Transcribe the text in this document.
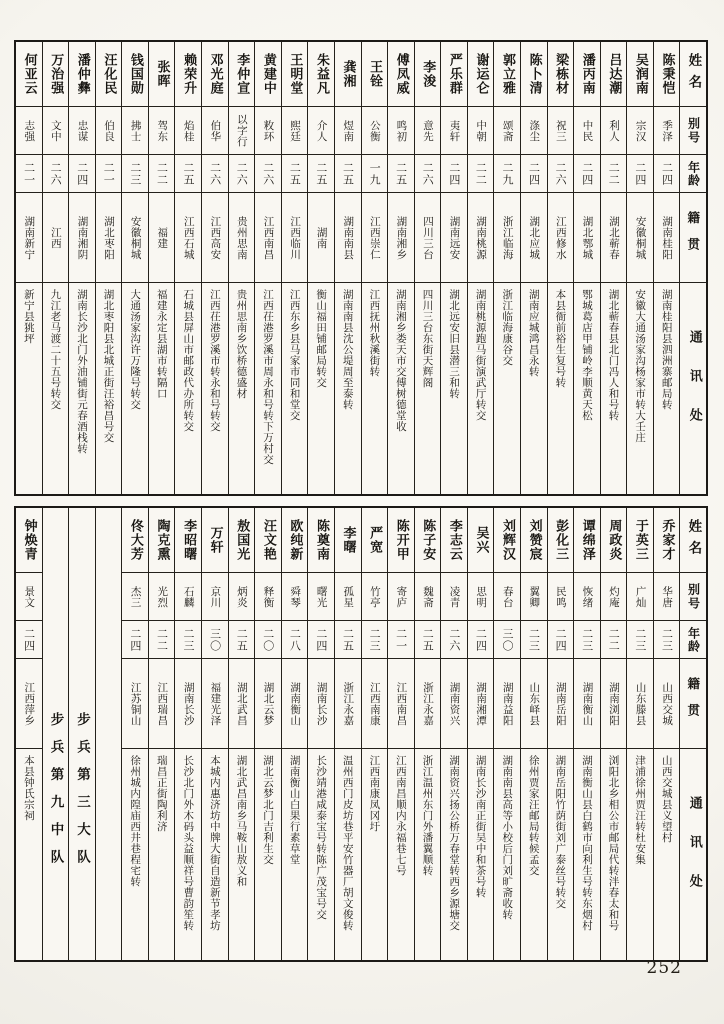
何亚云
志强
二一
湖南新宁
新宁县狣坪
万治强
文中
二六
江西
九江老马渡二十五号转交
潘仲彝
忠谋
二四
湖南湘阴
湖南长沙北门外油铺街元春酒栈转
汪化民
伯良
二一
湖北枣阳
湖北枣阳县北城正街汪裕昌号交
钱国勋
拂士
二三
安徽桐城
大通汤家沟许万隆号转交
张晖
驾东
二二
福建
福建永定县湖市转隔口
赖荣升
焰桂
二五
江西石城
石城县屏山市邮政代办所转交
邓光庭
伯华
二六
江西高安
江西茌港罗溪市转永和号转交
李仲宣
以字行
二六
贵州思南
贵州思南乡饮桥德盛材
黄建中
敉环
二六
江西南昌
江西茌港罗溪市周永和号转下万村交
王明堂
熙廷
二五
江西临川
江西东乡县马家市同和堂交
朱益凡
介人
二五
湖南
衡山福田铺邮局转交
龚湘
煜南
二五
湖南南县
湖南南县沈公堤周至泰转
王铨
公衡
一九
江西崇仁
江西抚州秋溪街转
傅凤威
鸣初
二五
湖南湘乡
湖南湘乡娄天市交傅树德堂收
李浚
意先
二六
四川三台
四川三台东街天辉阁
严乐群
夷轩
二四
湖南远安
湖北远安旧县潜三和转
谢运仑
中朝
二二
湖南桃源
湖南桃源跑马街演武厅转交
郭立雅
颂斋
二九
浙江临海
浙江临海康谷交
陈卜清
涤尘
二四
湖北应城
湖南应城鸿昌永转
梁栋材
祝三
二六
江西修水
本县衙前裕生复号转
潘丙南
中民
二四
湖北鄂城
鄂城葛店甲铺岭李顺黄天松
吕达潮
利人
二二
湖北蕲春
湖北蕲春县北门冯人和号转
吴润南
宗汉
二四
安徽桐城
安徽大通汤家沟杨家市转大壬庄
陈秉恺
季泽
二四
湖南桂阳
湖南桂阳县泗洲寨邮局转
姓名
别号
年龄
籍贯
通讯处
钟焕青
景文
二四
江西萍乡
本县钟氏宗祠 步兵第九中队 步兵第三大队
佟大芳
杰三
二四
江苏铜山
徐州城内隍庙西井巷程宅转
陶克熏
光烈
二二
江西瑞昌
瑞昌正街陶利济
李昭曙
石麟
二三
湖南长沙
长沙北门外木码头益顺祥号曹韵笙转
万轩
京川
三〇
福建光泽
本城内惠济坊中牌大街自造新节孝坊
敖国光
炳炎
二五
湖北武昌
湖北武昌南乡马鞍山敖义和
汪文艳
释衡
二〇
湖北云梦
湖北云梦北门吉利生交
欧纯新
舜琴
二八
湖南衡山
湖南衡山白果行素草堂
陈奠南
曙光
二四
湖南长沙
长沙靖港咸泰宝号转陈广茂宝号交
李曙
孤星
二五
浙江永嘉
温州西门皮坊巷平安竹器厂胡文俊转
严宽
竹亭
二三
江西南康
江西南康凤冈圩
陈开甲
寄庐
二一
江西南昌
江西南昌顺内永福巷七号
陈子安
魏斋
二五
浙江永嘉
浙江温州东门外潘翼顺转
李志云
凌青
二六
湖南资兴
湖南资兴扬公桥万春堂转西乡源塘交
吴兴
思明
二四
湖南湘潭
湖南长沙南正街吴中和茶号转
刘辉汉
春台
三〇
湖南益阳
湖南南县高等小校后门刘旷斋收转
刘赞宸
翼卿
二三
山东峄县
徐州贾家汪邮局转候孟交
彭化三
民鸣
二四
湖南岳阳
湖南岳阳竹荫街刘广泰丝号转交
谭绵泽
恢绪
二三
湖南衡山
湖南衡山县白鹤市向利生号转东烟村
周政炎
灼庵
二二
湖南浏阳
浏阳北乡相公市邮局代转泮春太和号
于英三
广灿
二三
山东滕县
津浦徐州贾汪转杜安集
乔家才
华唐
二三
山西交城
山西交城县义望村
姓名
别号
年龄
籍贯
通讯处
252
